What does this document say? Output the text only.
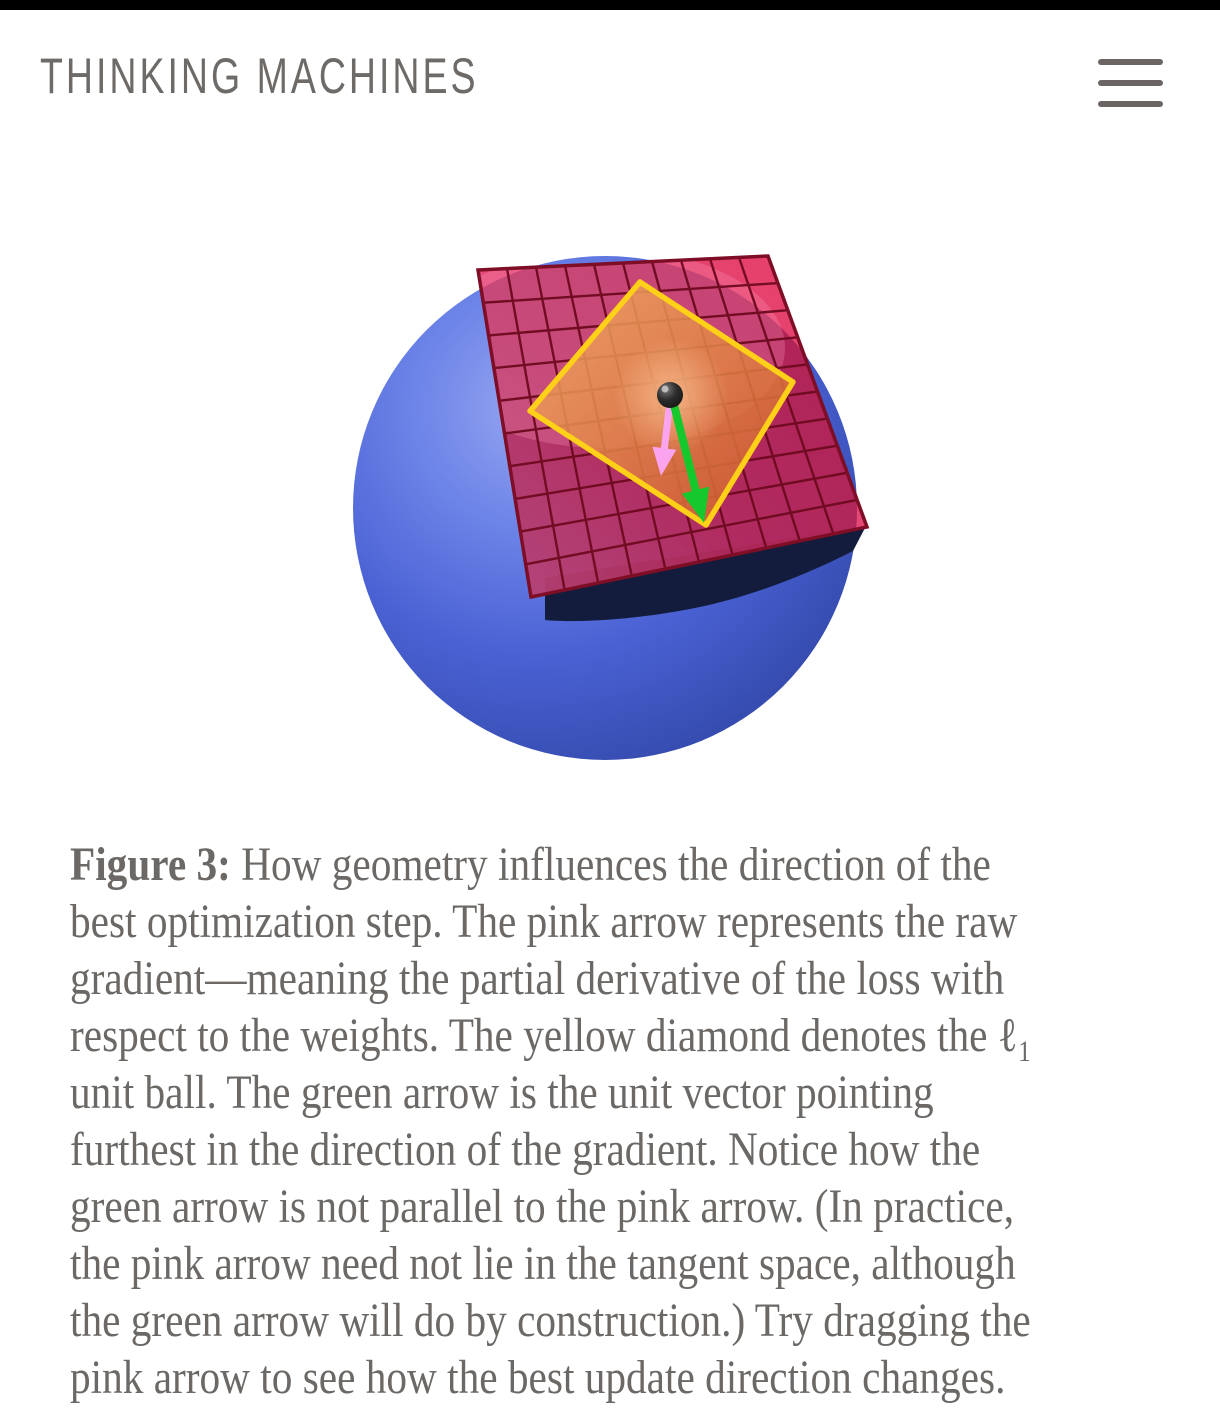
THINKING MACHINES
Figure 3: How geometry influences the direction of the
best optimization step. The pink arrow represents the raw
gradient—meaning the partial derivative of the loss with
respect to the weights. The yellow diamond denotes the ℓ₁
unit ball. The green arrow is the unit vector pointing
furthest in the direction of the gradient. Notice how the
green arrow is not parallel to the pink arrow. (In practice,
the pink arrow need not lie in the tangent space, although
the green arrow will do by construction.) Try dragging the
pink arrow to see how the best update direction changes.
